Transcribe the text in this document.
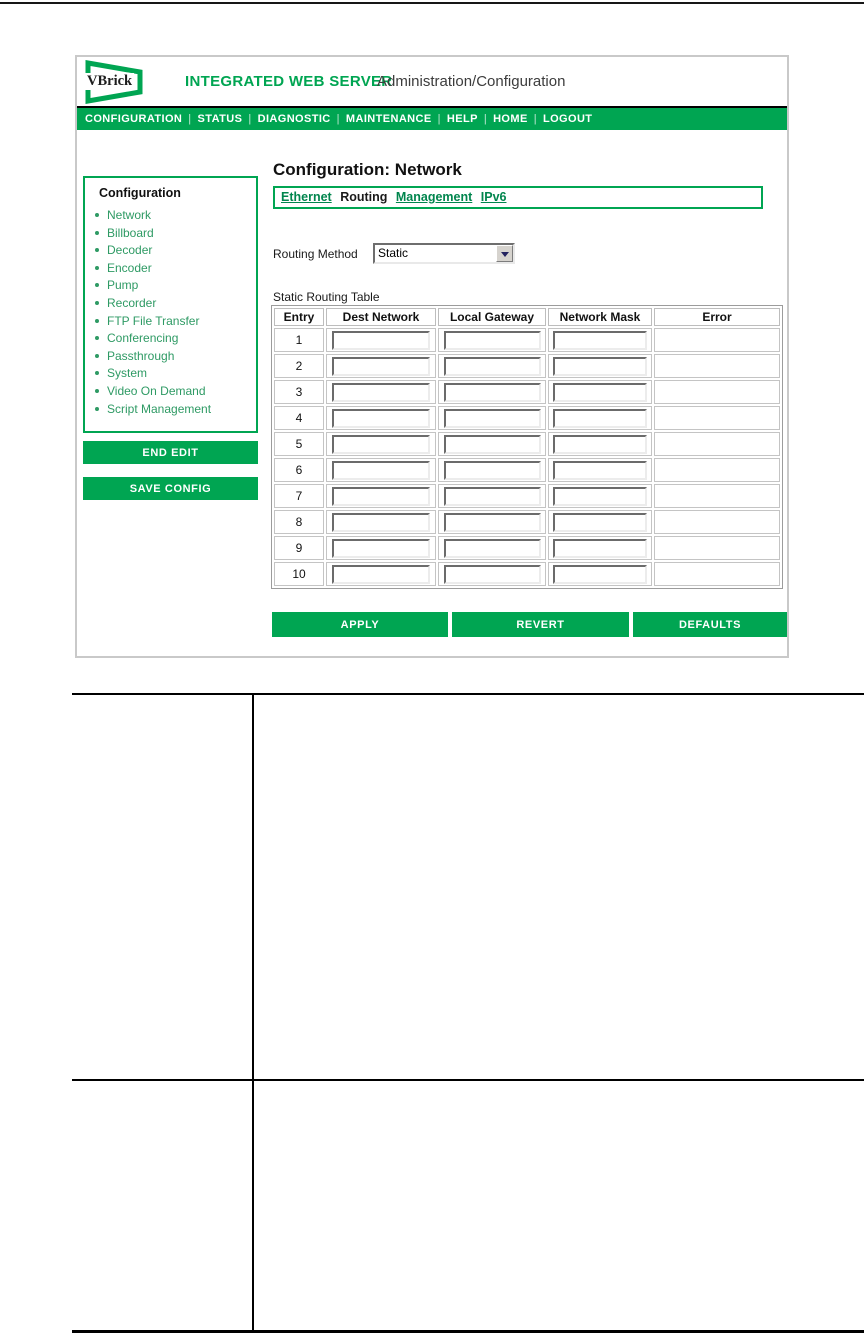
VBrick	INTEGRATED WEB SERVER
Administration/Configuration
CONFIGURATION | STATUS | DIAGNOSTIC | MAINTENANCE | HELP | HOME | LOGOUT
Configuration
Network
Billboard
Decoder
Encoder
Pump
Recorder
FTP File Transfer
Conferencing
Passthrough
System
Video On Demand
Script Management
END EDIT
SAVE CONFIG
Configuration: Network
Ethernet Routing Management IPv6
Routing Method	Static
Static Routing Table
Entry	Dest Network	Local Gateway	Network Mask	Error
1				
2				
3				
4				
5				
6				
7				
8				
9				
10				
APPLY	REVERT	DEFAULTS
